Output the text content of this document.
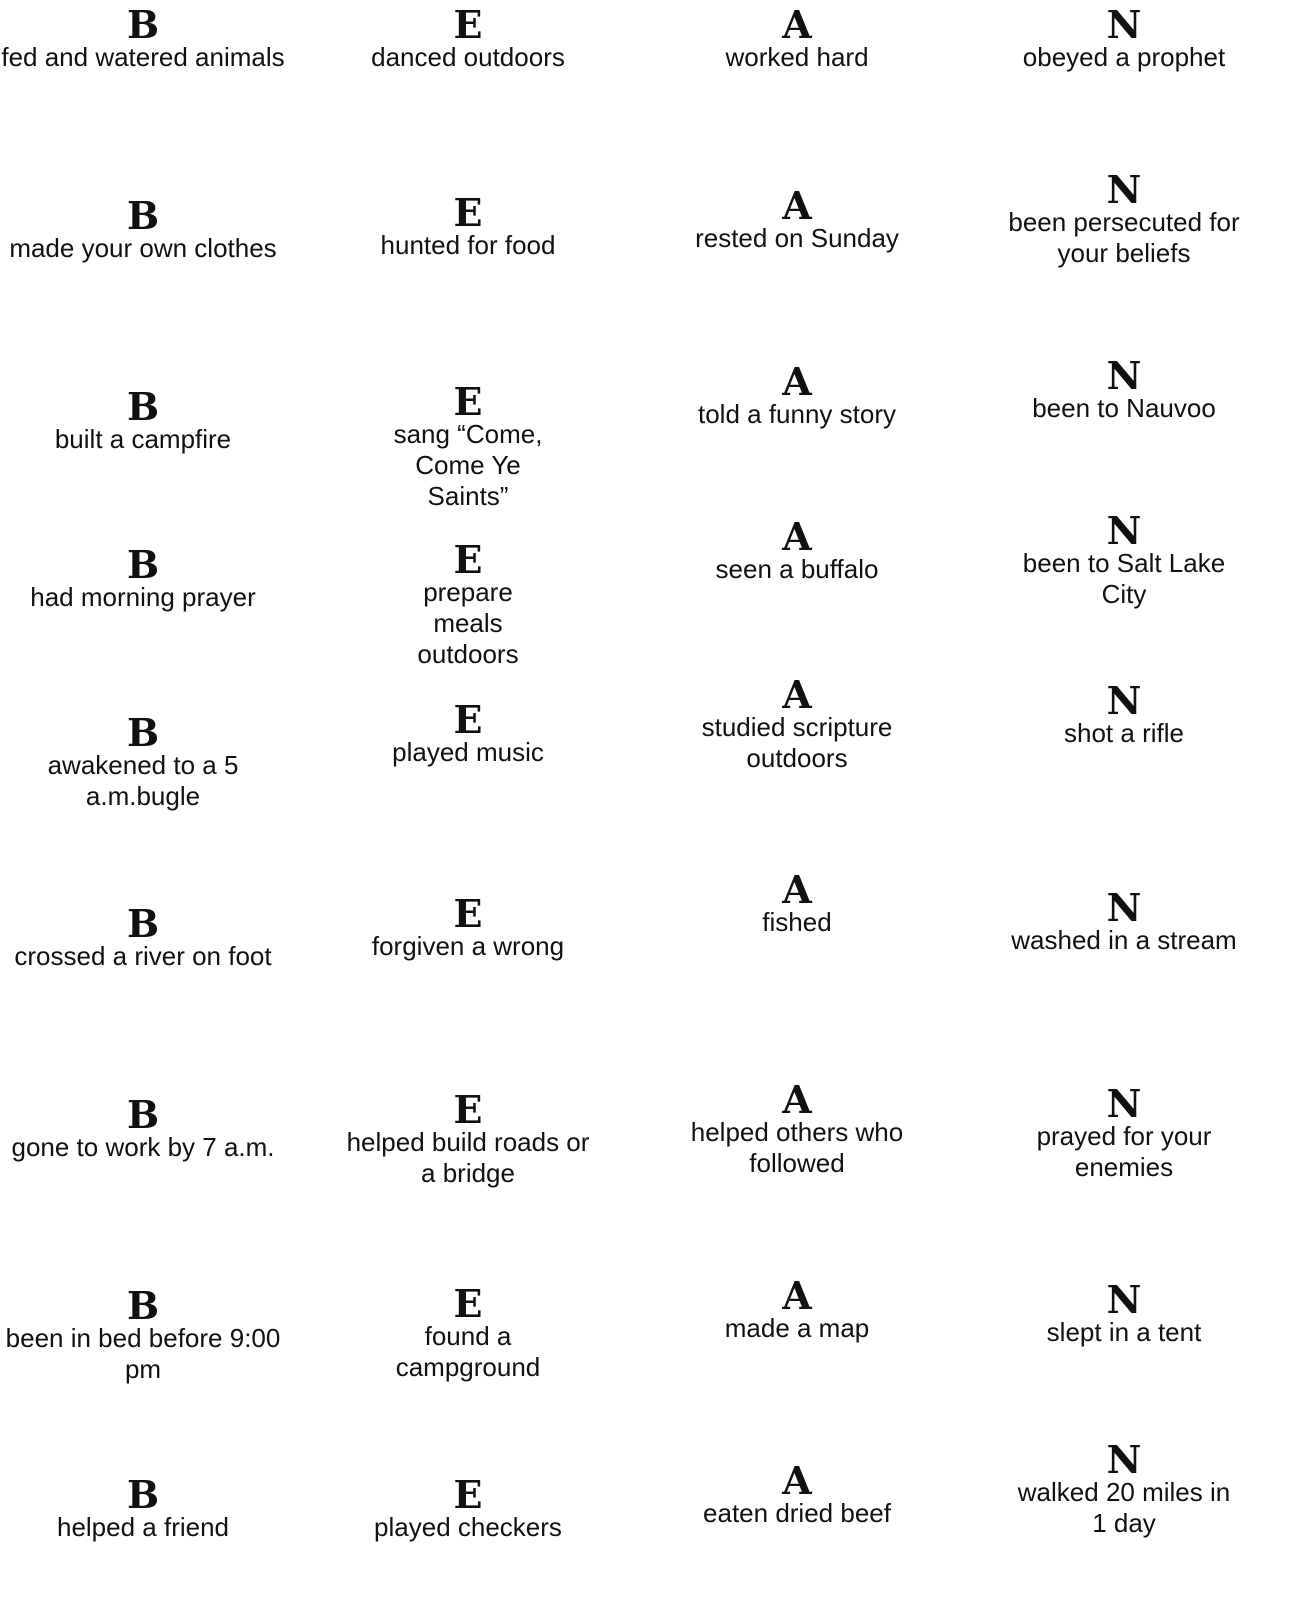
B
fed and watered animals
B
made your own clothes
B
built a campfire
B
had morning prayer
B
awakened to a 5 a.m.bugle
B
crossed a river on foot
B
gone to work by 7 a.m.
B
been in bed before 9:00 pm
B
helped a friend
E
danced outdoors
E
hunted for food
E
sang “Come, Come Ye Saints”
E
prepare meals outdoors
E
played music
E
forgiven a wrong
E
helped build roads or a bridge
E
found a campground
E
played checkers
A
worked hard
A
rested on Sunday
A
told a funny story
A
seen a buffalo
A
studied scripture outdoors
A
fished
A
helped others who followed
A
made a map
A
eaten dried beef
N
obeyed a prophet
N
been persecuted for your beliefs
N
been to Nauvoo
N
been to Salt Lake City
N
shot a rifle
N
washed in a stream
N
prayed for your enemies
N
slept in a tent
N
walked 20 miles in 1 day
